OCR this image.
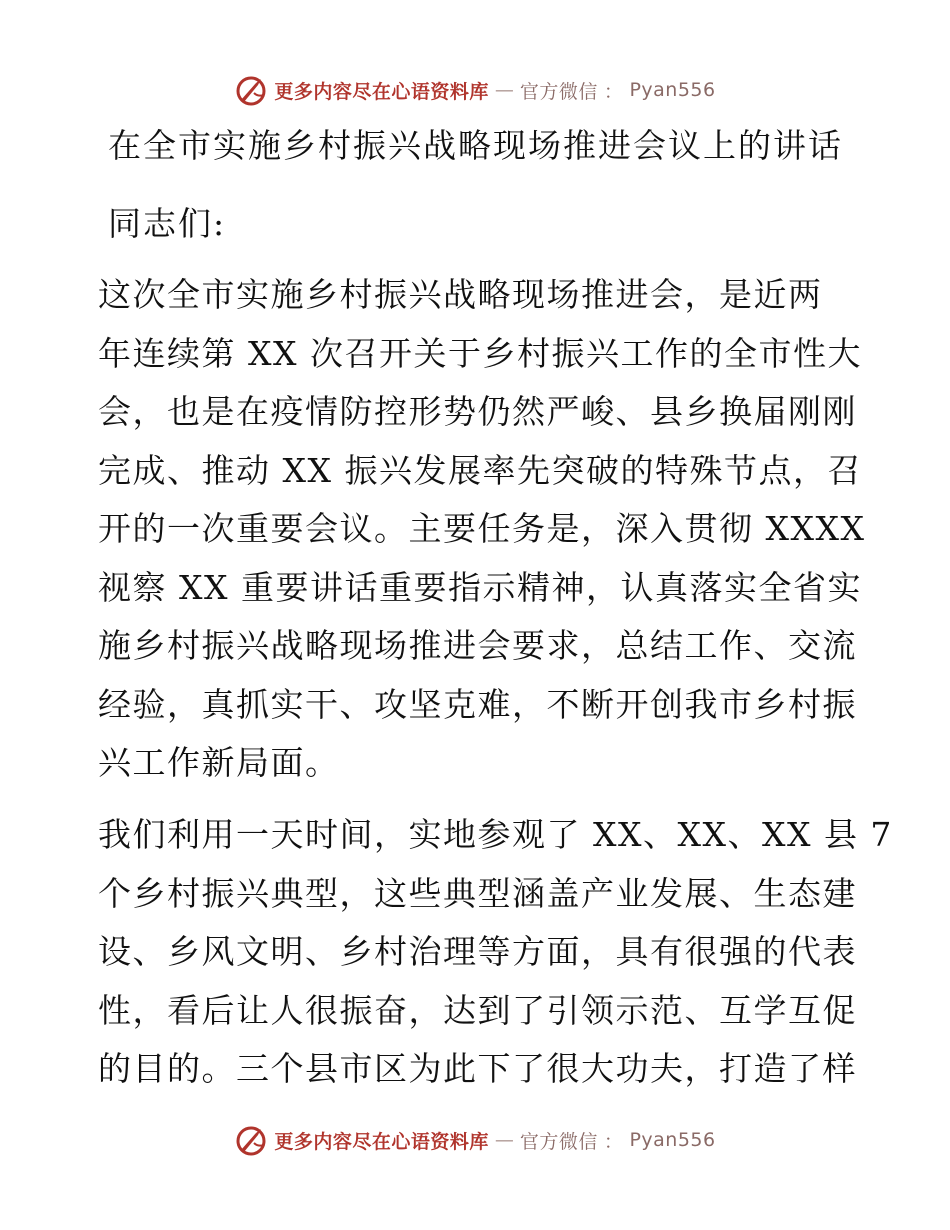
更多内容尽在心语资料库 — 官方微信 ： Pyan556
在全市实施乡村振兴战略现场推进会议上的讲话
同志们:
这次全市实施乡村振兴战略现场推进会，是近两
年连续第 XX 次召开关于乡村振兴工作的全市性大
会，也是在疫情防控形势仍然严峻、县乡换届刚刚
完成、推动 XX 振兴发展率先突破的特殊节点，召
开的一次重要会议。主要任务是，深入贯彻 XXXX
视察 XX 重要讲话重要指示精神，认真落实全省实
施乡村振兴战略现场推进会要求，总结工作、交流
经验，真抓实干、攻坚克难，不断开创我市乡村振
兴工作新局面。
我们利用一天时间，实地参观了 XX、XX、XX 县 7
个乡村振兴典型，这些典型涵盖产业发展、生态建
设、乡风文明、乡村治理等方面，具有很强的代表
性，看后让人很振奋，达到了引领示范、互学互促
的目的。三个县市区为此下了很大功夫，打造了样
更多内容尽在心语资料库 — 官方微信 ： Pyan556
